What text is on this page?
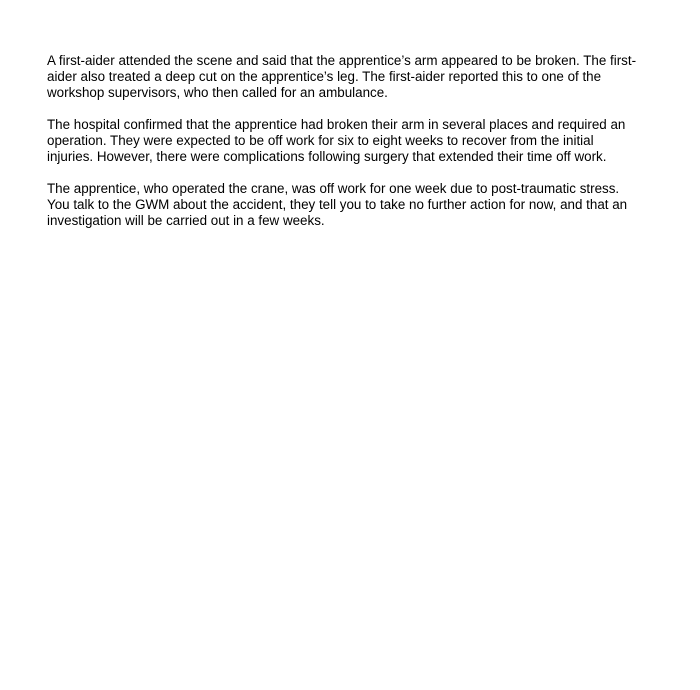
A first-aider attended the scene and said that the apprentice’s arm appeared to be broken. The first-
aider also treated a deep cut on the apprentice’s leg. The first-aider reported this to one of the
workshop supervisors, who then called for an ambulance.

The hospital confirmed that the apprentice had broken their arm in several places and required an
operation. They were expected to be off work for six to eight weeks to recover from the initial
injuries. However, there were complications following surgery that extended their time off work.

The apprentice, who operated the crane, was off work for one week due to post-traumatic stress.
You talk to the GWM about the accident, they tell you to take no further action for now, and that an
investigation will be carried out in a few weeks.
